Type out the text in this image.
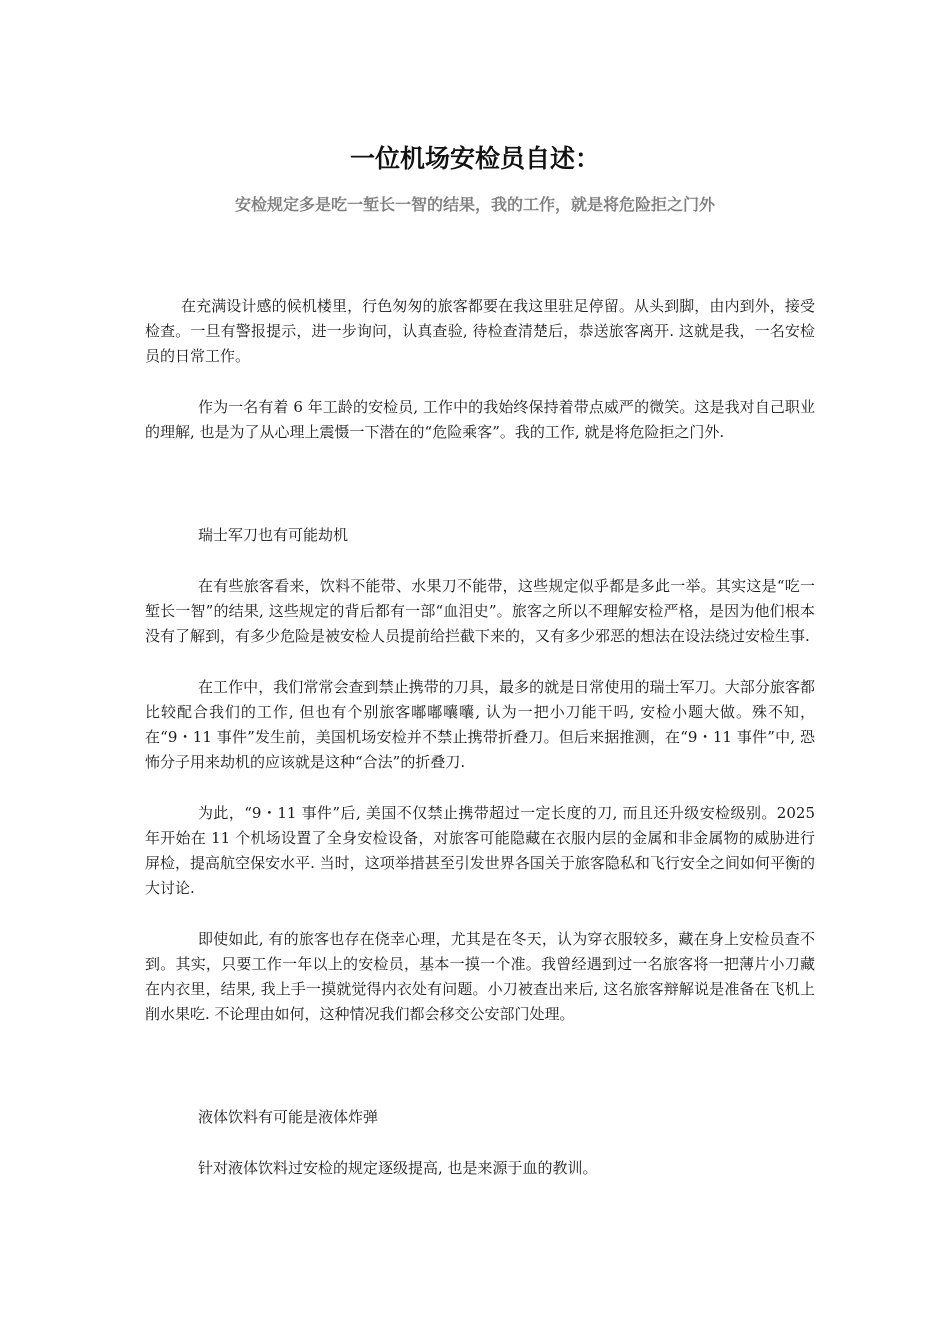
一位机场安检员自述：
安检规定多是吃一堑长一智的结果，我的工作，就是将危险拒之门外

在充满设计感的候机楼里，行色匆匆的旅客都要在我这里驻足停留。从头到脚，由内到外，接受检查。一旦有警报提示，进一步询问，认真查验, 待检查清楚后，恭送旅客离开. 这就是我，一名安检员的日常工作。

作为一名有着 6 年工龄的安检员, 工作中的我始终保持着带点威严的微笑。这是我对自己职业的理解, 也是为了从心理上震慑一下潜在的“危险乘客”。我的工作, 就是将危险拒之门外.

瑞士军刀也有可能劫机

在有些旅客看来，饮料不能带、水果刀不能带，这些规定似乎都是多此一举。其实这是“吃一堑长一智”的结果, 这些规定的背后都有一部“血泪史”。旅客之所以不理解安检严格，是因为他们根本没有了解到，有多少危险是被安检人员提前给拦截下来的，又有多少邪恶的想法在设法绕过安检生事.

在工作中，我们常常会查到禁止携带的刀具，最多的就是日常使用的瑞士军刀。大部分旅客都比较配合我们的工作, 但也有个别旅客嘟嘟囔囔, 认为一把小刀能干吗, 安检小题大做。殊不知，在“9・11 事件”发生前，美国机场安检并不禁止携带折叠刀。但后来据推测，在“9・11 事件”中, 恐怖分子用来劫机的应该就是这种“合法”的折叠刀.

为此，“9・11 事件”后, 美国不仅禁止携带超过一定长度的刀, 而且还升级安检级别。2025 年开始在 11 个机场设置了全身安检设备，对旅客可能隐藏在衣服内层的金属和非金属物的威胁进行屏检，提高航空保安水平. 当时，这项举措甚至引发世界各国关于旅客隐私和飞行安全之间如何平衡的大讨论.

即使如此, 有的旅客也存在侥幸心理，尤其是在冬天，认为穿衣服较多，藏在身上安检员查不到。其实，只要工作一年以上的安检员，基本一摸一个准。我曾经遇到过一名旅客将一把薄片小刀藏在内衣里，结果, 我上手一摸就觉得内衣处有问题。小刀被查出来后, 这名旅客辩解说是准备在飞机上削水果吃. 不论理由如何，这种情况我们都会移交公安部门处理。

液体饮料有可能是液体炸弹

针对液体饮料过安检的规定逐级提高, 也是来源于血的教训。
